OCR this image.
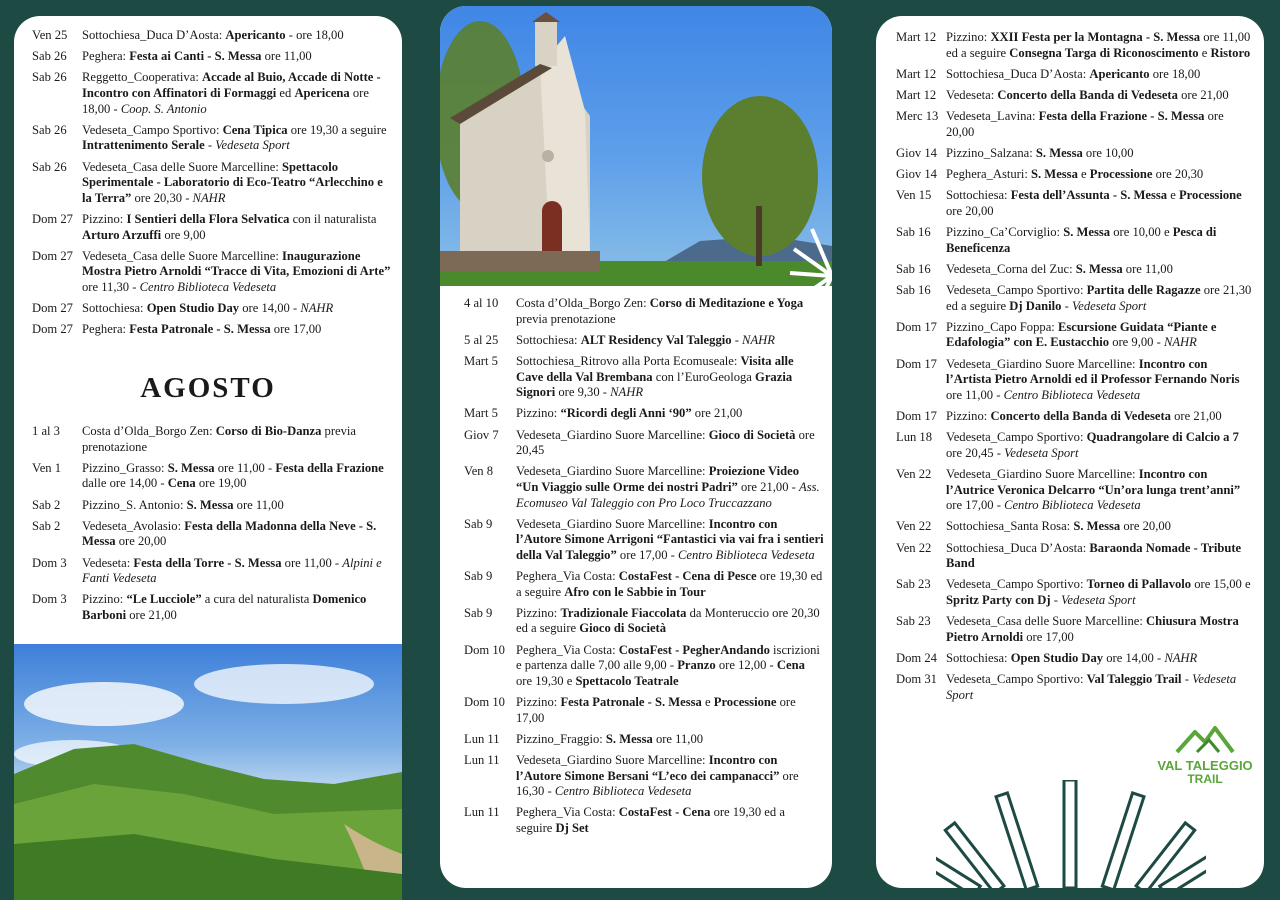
Ven 25	Sottochiesa_Duca D’Aosta: Apericanto - ore 18,00
Sab 26	Peghera: Festa ai Canti - S. Messa ore 11,00
Sab 26	Reggetto_Cooperativa: Accade al Buio, Accade di Notte - Incontro con Affinatori di Formaggi ed Apericena ore 18,00 - Coop. S. Antonio
Sab 26	Vedeseta_Campo Sportivo: Cena Tipica ore 19,30 a seguire Intrattenimento Serale - Vedeseta Sport
Sab 26	Vedeseta_Casa delle Suore Marcelline: Spettacolo Sperimentale - Laboratorio di Eco-Teatro “Arlecchino e la Terra” ore 20,30 - NAHR
Dom 27 Pizzino: I Sentieri della Flora Selvatica con il naturalista Arturo Arzuffi ore 9,00
Dom 27 Vedeseta_Casa delle Suore Marcelline: Inaugurazione Mostra Pietro Arnoldi “Tracce di Vita, Emozioni di Arte” ore 11,30 - Centro Biblioteca Vedeseta
Dom 27 Sottochiesa: Open Studio Day ore 14,00 - NAHR
Dom 27 Peghera: Festa Patronale - S. Messa ore 17,00
AGOSTO
1 al 3	Costa d’Olda_Borgo Zen: Corso di Bio-Danza previa prenotazione
Ven 1	Pizzino_Grasso: S. Messa ore 11,00 - Festa della Frazione dalle ore 14,00 - Cena ore 19,00
Sab 2	Pizzino_S. Antonio: S. Messa ore 11,00
Sab 2	Vedeseta_Avolasio: Festa della Madonna della Neve - S. Messa ore 20,00
Dom 3	Vedeseta: Festa della Torre - S. Messa ore 11,00 - Alpini e Fanti Vedeseta
Dom 3	Pizzino: “Le Lucciole” a cura del naturalista Domenico Barboni ore 21,00
4 al 10	Costa d’Olda_Borgo Zen: Corso di Meditazione e Yoga previa prenotazione
5 al 25	Sottochiesa: ALT Residency Val Taleggio - NAHR
Mart 5	Sottochiesa_Ritrovo alla Porta Ecomuseale: Visita alle Cave della Val Brembana con l’EuroGeologa Grazia Signori ore 9,30 - NAHR
Mart 5	Pizzino: “Ricordi degli Anni ‘90” ore 21,00
Giov 7	Vedeseta_Giardino Suore Marcelline: Gioco di Società ore 20,45
Ven 8	Vedeseta_Giardino Suore Marcelline: Proiezione Video “Un Viaggio sulle Orme dei nostri Padri” ore 21,00 - Ass. Ecomuseo Val Taleggio con Pro Loco Truccazzano
Sab 9	Vedeseta_Giardino Suore Marcelline: Incontro con l’Autore Simone Arrigoni “Fantastici via vai fra i sentieri della Val Taleggio” ore 17,00 - Centro Biblioteca Vedeseta
Sab 9	Peghera_Via Costa: CostaFest - Cena di Pesce ore 19,30 ed a seguire Afro con le Sabbie in Tour
Sab 9	Pizzino: Tradizionale Fiaccolata da Monteruccio ore 20,30 ed a seguire Gioco di Società
Dom 10 Peghera_Via Costa: CostaFest - PegherAndando iscrizioni e partenza dalle 7,00 alle 9,00 - Pranzo ore 12,00 - Cena ore 19,30 e Spettacolo Teatrale
Dom 10 Pizzino: Festa Patronale - S. Messa e Processione ore 17,00
Lun 11	Pizzino_Fraggio: S. Messa ore 11,00
Lun 11	Vedeseta_Giardino Suore Marcelline: Incontro con l’Autore Simone Bersani “L’eco dei campanacci” ore 16,30 - Centro Biblioteca Vedeseta
Lun 11	Peghera_Via Costa: CostaFest - Cena ore 19,30 ed a seguire Dj Set
Mart 12 Pizzino: XXII Festa per la Montagna - S. Messa ore 11,00 ed a seguire Consegna Targa di Riconoscimento e Ristoro
Mart 12 Sottochiesa_Duca D’Aosta: Apericanto ore 18,00
Mart 12 Vedeseta: Concerto della Banda di Vedeseta ore 21,00
Merc 13 Vedeseta_Lavina: Festa della Frazione - S. Messa ore 20,00
Giov 14 Pizzino_Salzana: S. Messa ore 10,00
Giov 14 Peghera_Asturi: S. Messa e Processione ore 20,30
Ven 15	Sottochiesa: Festa dell’Assunta - S. Messa e Processione ore 20,00
Sab 16	Pizzino_Ca’Corviglio: S. Messa ore 10,00 e Pesca di Beneficenza
Sab 16	Vedeseta_Corna del Zuc: S. Messa ore 11,00
Sab 16	Vedeseta_Campo Sportivo: Partita delle Ragazze ore 21,30 ed a seguire Dj Danilo - Vedeseta Sport
Dom 17 Pizzino_Capo Foppa: Escursione Guidata “Piante e Edafologia” con E. Eustacchio ore 9,00 - NAHR
Dom 17 Vedeseta_Giardino Suore Marcelline: Incontro con l’Artista Pietro Arnoldi ed il Professor Fernando Noris ore 11,00 - Centro Biblioteca Vedeseta
Dom 17 Pizzino: Concerto della Banda di Vedeseta ore 21,00
Lun 18	Vedeseta_Campo Sportivo: Quadrangolare di Calcio a 7 ore 20,45 - Vedeseta Sport
Ven 22	Vedeseta_Giardino Suore Marcelline: Incontro con l’Autrice Veronica Delcarro “Un’ora lunga trent’anni” ore 17,00 - Centro Biblioteca Vedeseta
Ven 22	Sottochiesa_Santa Rosa: S. Messa ore 20,00
Ven 22	Sottochiesa_Duca D’Aosta: Baraonda Nomade - Tribute Band
Sab 23	Vedeseta_Campo Sportivo: Torneo di Pallavolo ore 15,00 e Spritz Party con Dj - Vedeseta Sport
Sab 23	Vedeseta_Casa delle Suore Marcelline: Chiusura Mostra Pietro Arnoldi ore 17,00
Dom 24 Sottochiesa: Open Studio Day ore 14,00 - NAHR
Dom 31 Vedeseta_Campo Sportivo: Val Taleggio Trail - Vedeseta Sport
VAL TALEGGIO
TRAIL
